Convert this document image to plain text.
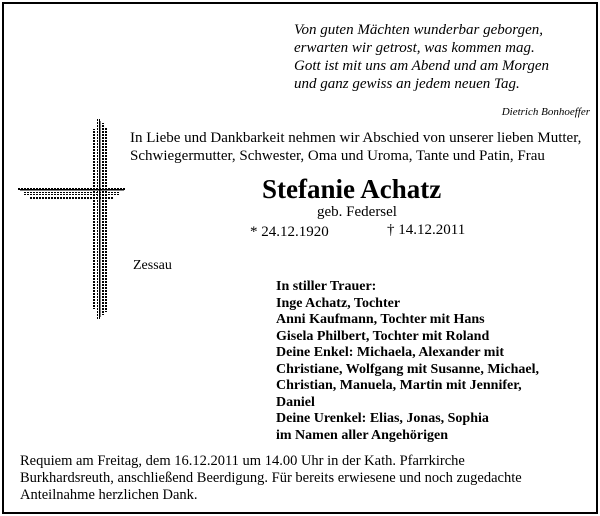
Von guten Mächten wunderbar geborgen,
erwarten wir getrost, was kommen mag.
Gott ist mit uns am Abend und am Morgen
und ganz gewiss an jedem neuen Tag.
Dietrich Bonhoeffer
In Liebe und Dankbarkeit nehmen wir Abschied von unserer lieben Mutter,
Schwiegermutter, Schwester, Oma und Uroma, Tante und Patin, Frau
Stefanie Achatz
geb. Federsel
* 24.12.1920	† 14.12.2011
Zessau
In stiller Trauer:
Inge Achatz, Tochter
Anni Kaufmann, Tochter mit Hans
Gisela Philbert, Tochter mit Roland
Deine Enkel: Michaela, Alexander mit
Christiane, Wolfgang mit Susanne, Michael,
Christian, Manuela, Martin mit Jennifer,
Daniel
Deine Urenkel: Elias, Jonas, Sophia
im Namen aller Angehörigen
Requiem am Freitag, dem 16.12.2011 um 14.00 Uhr in der Kath. Pfarrkirche
Burkhardsreuth, anschließend Beerdigung. Für bereits erwiesene und noch zugedachte
Anteilnahme herzlichen Dank.
